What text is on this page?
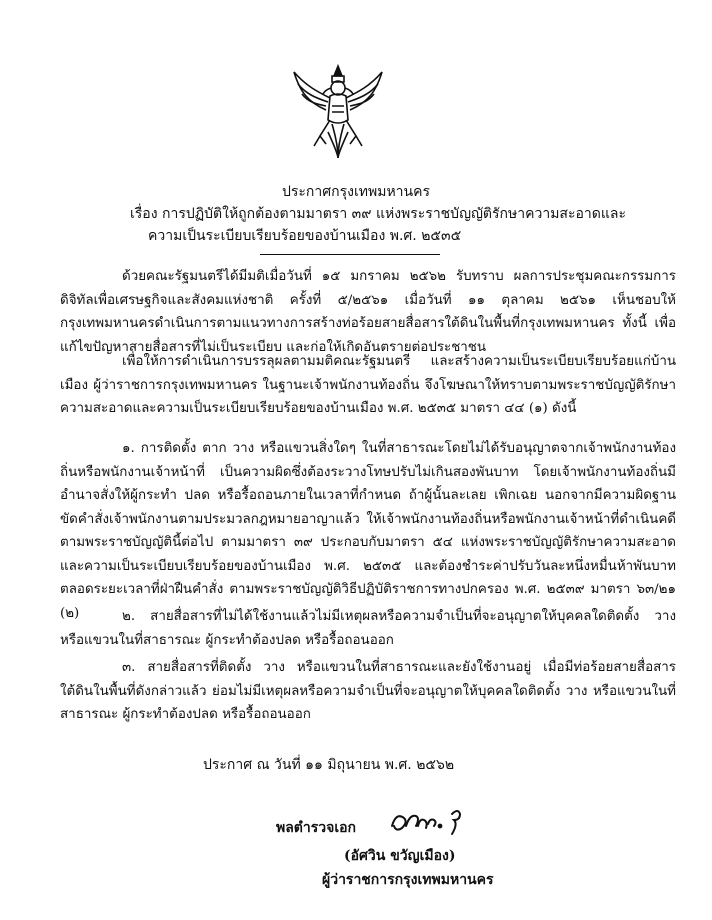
ประกาศกรุงเทพมหานคร
เรื่อง การปฏิบัติให้ถูกต้องตามมาตรา ๓๙ แห่งพระราชบัญญัติรักษาความสะอาดและ
ความเป็นระเบียบเรียบร้อยของบ้านเมือง พ.ศ. ๒๕๓๕

ด้วยคณะรัฐมนตรีได้มีมติเมื่อวันที่ ๑๕ มกราคม ๒๕๖๒ รับทราบ ผลการประชุมคณะกรรมการดิจิทัลเพื่อเศรษฐกิจและสังคมแห่งชาติ ครั้งที่ ๕/๒๕๖๑ เมื่อวันที่ ๑๑ ตุลาคม ๒๕๖๑ เห็นชอบให้กรุงเทพมหานครดำเนินการตามแนวทางการสร้างท่อร้อยสายสื่อสารใต้ดินในพื้นที่กรุงเทพมหานคร ทั้งนี้ เพื่อแก้ไขปัญหาสายสื่อสารที่ไม่เป็นระเบียบ และก่อให้เกิดอันตรายต่อประชาชน

เพื่อให้การดำเนินการบรรลุผลตามมติคณะรัฐมนตรี และสร้างความเป็นระเบียบเรียบร้อยแก่บ้านเมือง ผู้ว่าราชการกรุงเทพมหานคร ในฐานะเจ้าพนักงานท้องถิ่น จึงโฆษณาให้ทราบตามพระราชบัญญัติรักษาความสะอาดและความเป็นระเบียบเรียบร้อยของบ้านเมือง พ.ศ. ๒๕๓๕ มาตรา ๔๔ (๑) ดังนี้

๑. การติดตั้ง ตาก วาง หรือแขวนสิ่งใดๆ ในที่สาธารณะโดยไม่ได้รับอนุญาตจากเจ้าพนักงานท้องถิ่นหรือพนักงานเจ้าหน้าที่ เป็นความผิดซึ่งต้องระวางโทษปรับไม่เกินสองพันบาท โดยเจ้าพนักงานท้องถิ่นมีอำนาจสั่งให้ผู้กระทำ ปลด หรือรื้อถอนภายในเวลาที่กำหนด ถ้าผู้นั้นละเลย เพิกเฉย นอกจากมีความผิดฐานขัดคำสั่งเจ้าพนักงานตามประมวลกฎหมายอาญาแล้ว ให้เจ้าพนักงานท้องถิ่นหรือพนักงานเจ้าหน้าที่ดำเนินคดีตามพระราชบัญญัตินี้ต่อไป ตามมาตรา ๓๙ ประกอบกับมาตรา ๕๔ แห่งพระราชบัญญัติรักษาความสะอาดและความเป็นระเบียบเรียบร้อยของบ้านเมือง พ.ศ. ๒๕๓๕ และต้องชำระค่าปรับวันละหนึ่งหมื่นห้าพันบาท ตลอดระยะเวลาที่ฝ่าฝืนคำสั่ง ตามพระราชบัญญัติวิธีปฏิบัติราชการทางปกครอง พ.ศ. ๒๕๓๙ มาตรา ๖๓/๒๑ (๒)	๒. สายสื่อสารที่ไม่ได้ใช้งานแล้วไม่มีเหตุผลหรือความจำเป็นที่จะอนุญาตให้บุคคลใดติดตั้ง วาง หรือแขวนในที่สาธารณะ ผู้กระทำต้องปลด หรือรื้อถอนออก

๓. สายสื่อสารที่ติดตั้ง วาง หรือแขวนในที่สาธารณะและยังใช้งานอยู่ เมื่อมีท่อร้อยสายสื่อสารใต้ดินในพื้นที่ดังกล่าวแล้ว ย่อมไม่มีเหตุผลหรือความจำเป็นที่จะอนุญาตให้บุคคลใดติดตั้ง วาง หรือแขวนในที่สาธารณะ ผู้กระทำต้องปลด หรือรื้อถอนออก

ประกาศ ณ วันที่ ๑๑ มิถุนายน พ.ศ. ๒๕๖๒
พลตำรวจเอก
(อัศวิน ขวัญเมือง)
ผู้ว่าราชการกรุงเทพมหานคร
